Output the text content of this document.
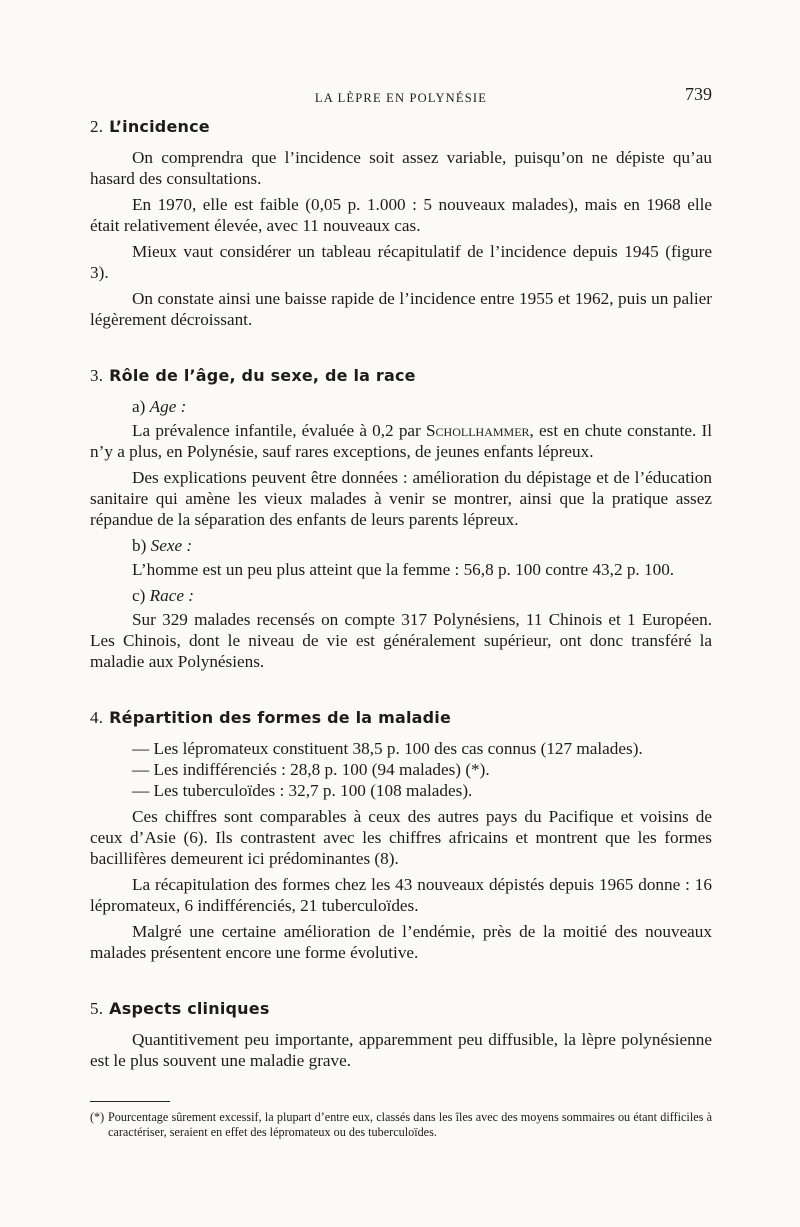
LA LÈPRE EN POLYNÉSIE	739
2. L’incidence

On comprendra que l’incidence soit assez variable, puisqu’on ne dépiste qu’au hasard des consultations.

En 1970, elle est faible (0,05 p. 1.000 : 5 nouveaux malades), mais en 1968 elle était relativement élevée, avec 11 nouveaux cas.

Mieux vaut considérer un tableau récapitulatif de l’incidence depuis 1945 (figure 3).

On constate ainsi une baisse rapide de l’incidence entre 1955 et 1962, puis un palier légèrement décroissant.

3. Rôle de l’âge, du sexe, de la race

a) Age :

La prévalence infantile, évaluée à 0,2 par Schollhammer, est en chute constante. Il n’y a plus, en Polynésie, sauf rares exceptions, de jeunes enfants lépreux.

Des explications peuvent être données : amélioration du dépistage et de l’éducation sanitaire qui amène les vieux malades à venir se montrer, ainsi que la pratique assez répandue de la séparation des enfants de leurs parents lépreux.

b) Sexe :

L’homme est un peu plus atteint que la femme : 56,8 p. 100 contre 43,2 p. 100.

c) Race :

Sur 329 malades recensés on compte 317 Polynésiens, 11 Chinois et 1 Européen. Les Chinois, dont le niveau de vie est généralement supérieur, ont donc transféré la maladie aux Polynésiens.

4. Répartition des formes de la maladie
— Les lépromateux constituent 38,5 p. 100 des cas connus (127 malades).
— Les indifférenciés : 28,8 p. 100 (94 malades) (*).
— Les tuberculoïdes : 32,7 p. 100 (108 malades).

Ces chiffres sont comparables à ceux des autres pays du Pacifique et voisins de ceux d’Asie (6). Ils contrastent avec les chiffres africains et montrent que les formes bacillifères demeurent ici prédominantes (8).

La récapitulation des formes chez les 43 nouveaux dépistés depuis 1965 donne : 16 lépromateux, 6 indifférenciés, 21 tuberculoïdes.

Malgré une certaine amélioration de l’endémie, près de la moitié des nouveaux malades présentent encore une forme évolutive.

5. Aspects cliniques

Quantitivement peu importante, apparemment peu diffusible, la lèpre polynésienne est le plus souvent une maladie grave.

(*) Pourcentage sûrement excessif, la plupart d’entre eux, classés dans les îles avec des moyens sommaires ou étant difficiles à caractériser, seraient en effet des lépromateux ou des tuberculoïdes.
